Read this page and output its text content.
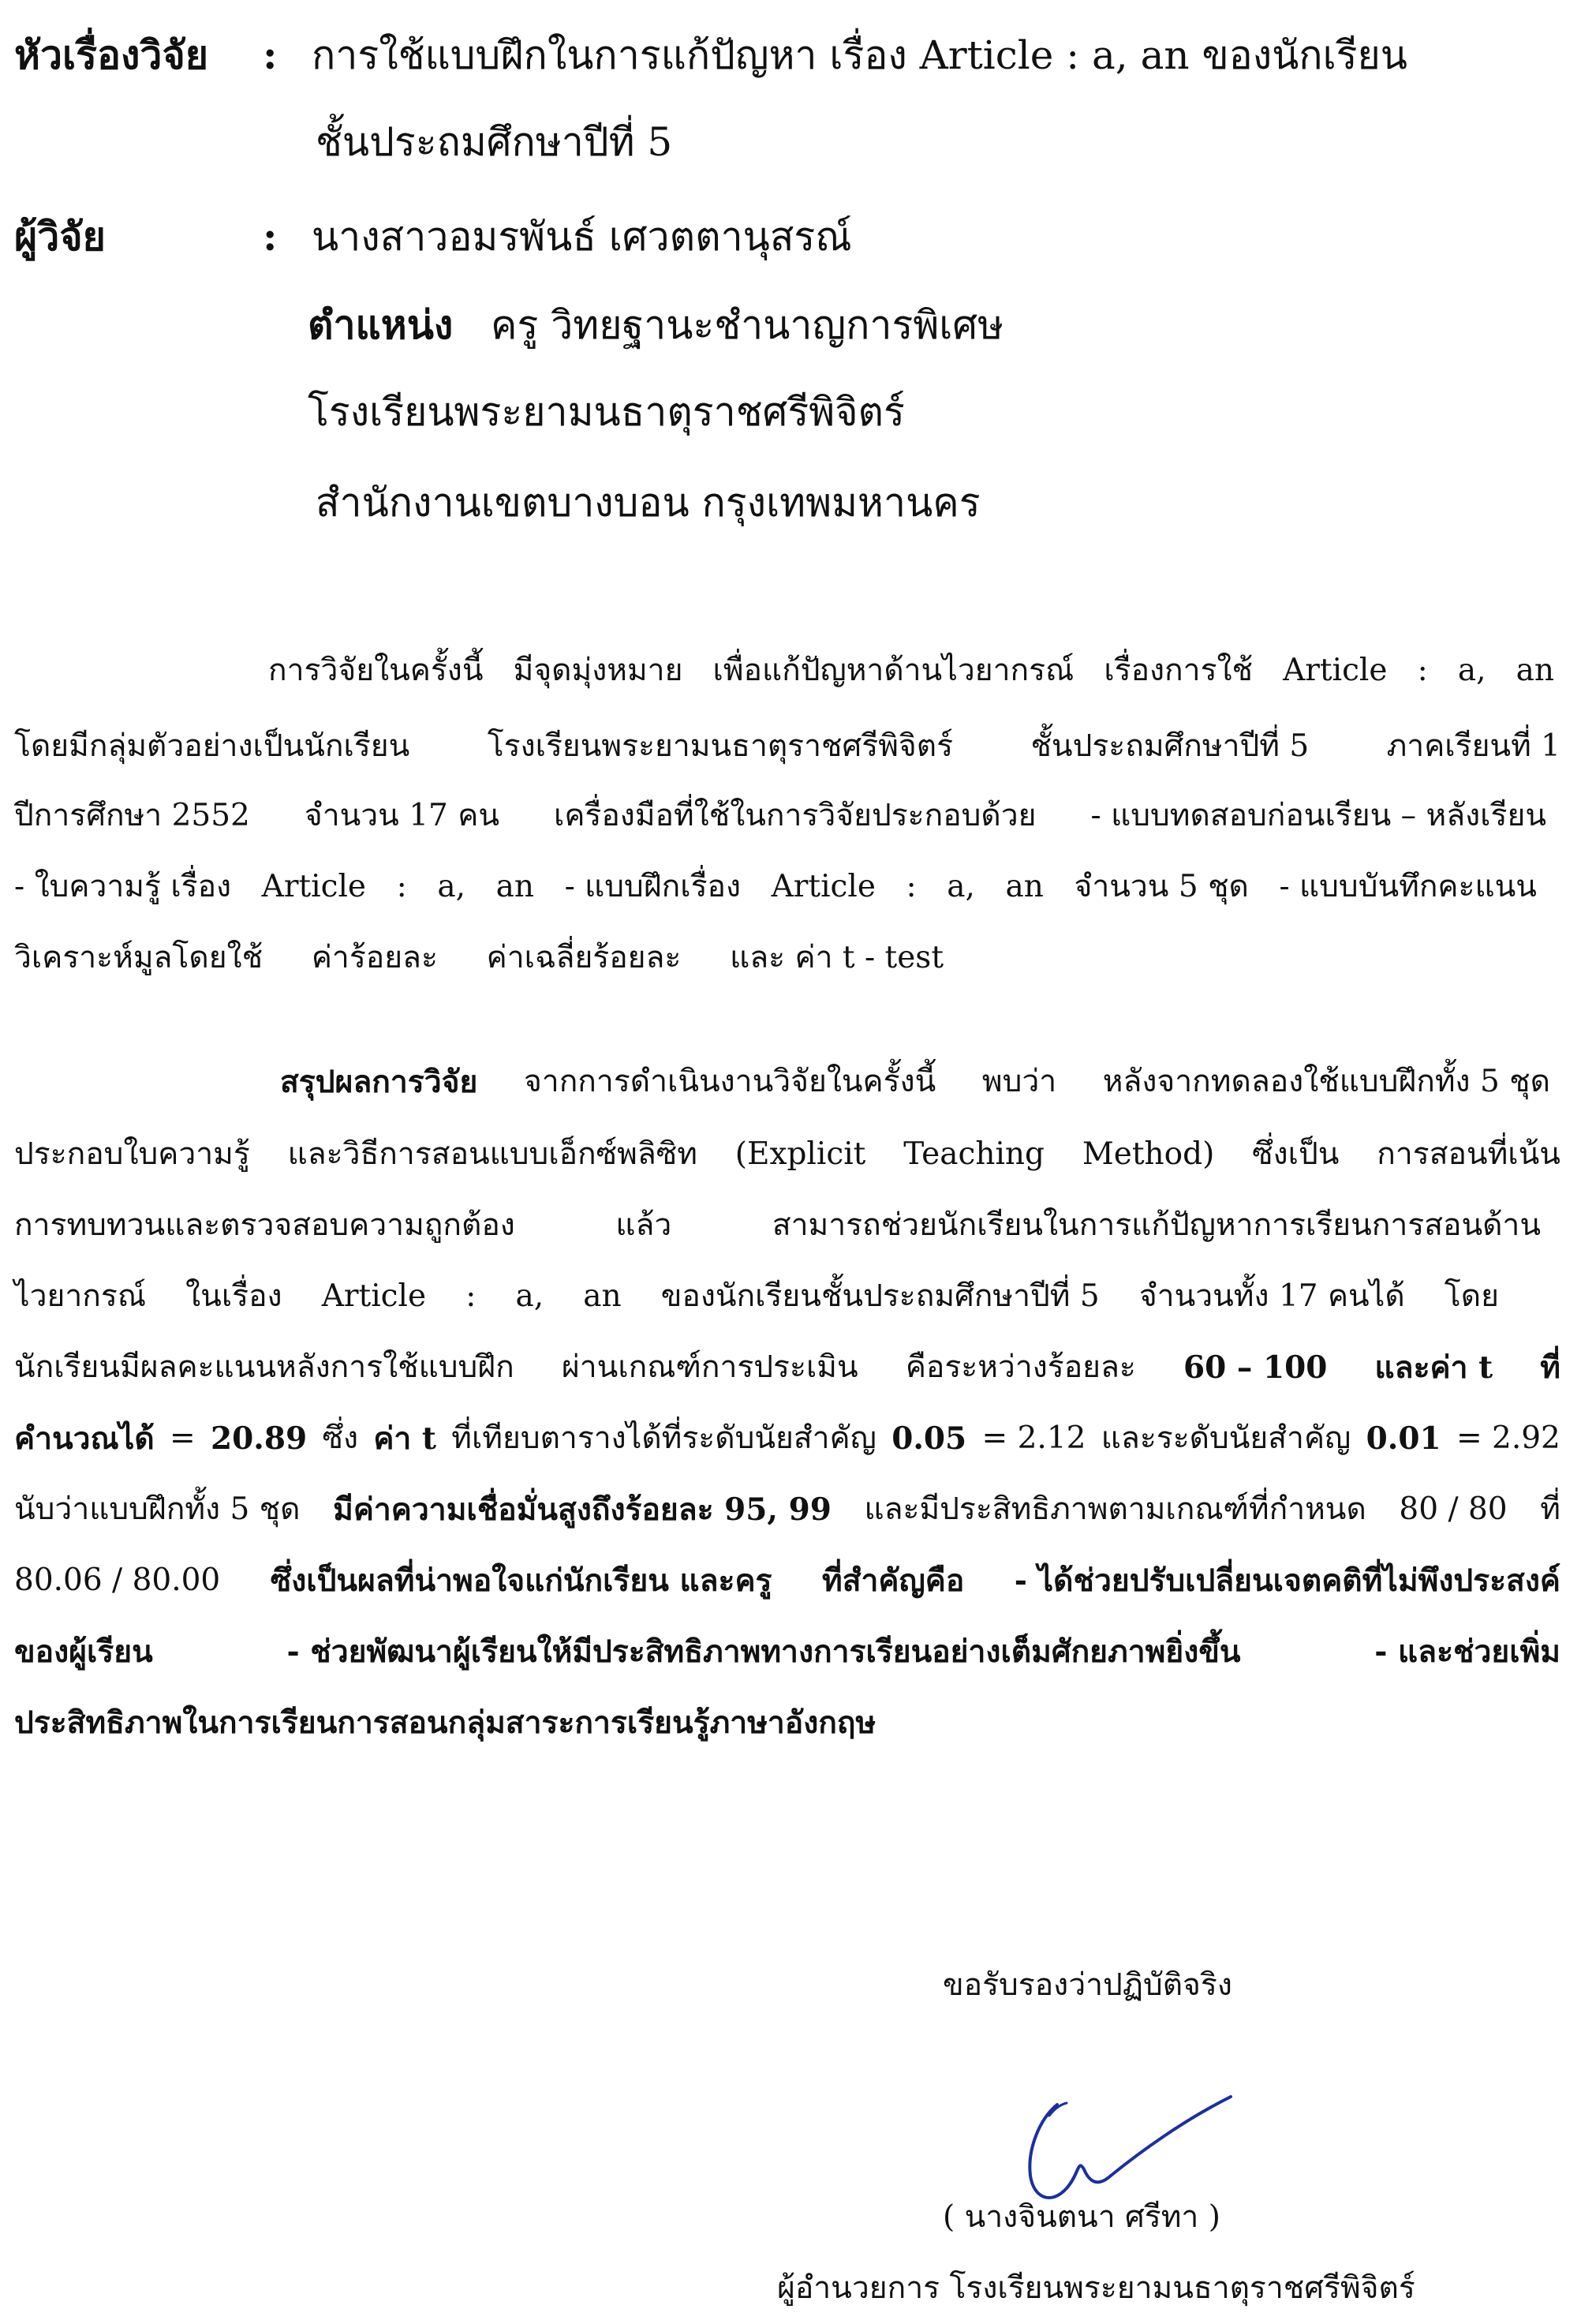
หัวเรื่องวิจัย : การใช้แบบฝึกในการแก้ปัญหา เรื่อง Article : a, an ของนักเรียน
ชั้นประถมศึกษาปีที่ 5
ผู้วิจัย	: นางสาวอมรพันธ์ เศวตตานุสรณ์
ตำแหน่ง ครู วิทยฐานะชำนาญการพิเศษ
โรงเรียนพระยามนธาตุราชศรีพิจิตร์
สำนักงานเขตบางบอน กรุงเทพมหานคร
การวิจัยในครั้งนี้ มีจุดมุ่งหมาย เพื่อแก้ปัญหาด้านไวยากรณ์ เรื่องการใช้ Article : a, an
โดยมีกลุ่มตัวอย่างเป็นนักเรียน	โรงเรียนพระยามนธาตุราชศรีพิจิตร์	ชั้นประถมศึกษาปีที่ 5	ภาคเรียนที่ 1
ปีการศึกษา 2552 จำนวน 17 คน เครื่องมือที่ใช้ในการวิจัยประกอบด้วย - แบบทดสอบก่อนเรียน – หลังเรียน
- ใบความรู้ เรื่อง Article : a, an - แบบฝึกเรื่อง Article : a, an จำนวน 5 ชุด - แบบบันทึกคะแนน
วิเคราะห์มูลโดยใช้ ค่าร้อยละ ค่าเฉลี่ยร้อยละ และ ค่า t - test
สรุปผลการวิจัย จากการดำเนินงานวิจัยในครั้งนี้ พบว่า หลังจากทดลองใช้แบบฝึกทั้ง 5 ชุด
ประกอบใบความรู้ และวิธีการสอนแบบเอ็กซ์พลิซิท (Explicit Teaching Method) ซึ่งเป็น การสอนที่เน้น
การทบทวนและตรวจสอบความถูกต้อง	แล้ว	สามารถช่วยนักเรียนในการแก้ปัญหาการเรียนการสอนด้าน
ไวยากรณ์ ในเรื่อง Article : a, an ของนักเรียนชั้นประถมศึกษาปีที่ 5 จำนวนทั้ง 17 คนได้ โดย
นักเรียนมีผลคะแนนหลังการใช้แบบฝึก ผ่านเกณฑ์การประเมิน คือระหว่างร้อยละ 60 – 100 และค่า t ที่
คำนวณได้ = 20.89 ซึ่ง ค่า t ที่เทียบตารางได้ที่ระดับนัยสำคัญ 0.05 = 2.12 และระดับนัยสำคัญ 0.01 = 2.92
นับว่าแบบฝึกทั้ง 5 ชุด มีค่าความเชื่อมั่นสูงถึงร้อยละ 95, 99 และมีประสิทธิภาพตามเกณฑ์ที่กำหนด 80 / 80 ที่
80.06 / 80.00 ซึ่งเป็นผลที่น่าพอใจแก่นักเรียน และครู ที่สำคัญคือ - ได้ช่วยปรับเปลี่ยนเจตคติที่ไม่พึงประสงค์
ของผู้เรียน	- ช่วยพัฒนาผู้เรียนให้มีประสิทธิภาพทางการเรียนอย่างเต็มศักยภาพยิ่งขึ้น	- และช่วยเพิ่ม
ประสิทธิภาพในการเรียนการสอนกลุ่มสาระการเรียนรู้ภาษาอังกฤษ
ขอรับรองว่าปฏิบัติจริง
( นางจินตนา ศรีทา )
ผู้อำนวยการ โรงเรียนพระยามนธาตุราชศรีพิจิตร์
